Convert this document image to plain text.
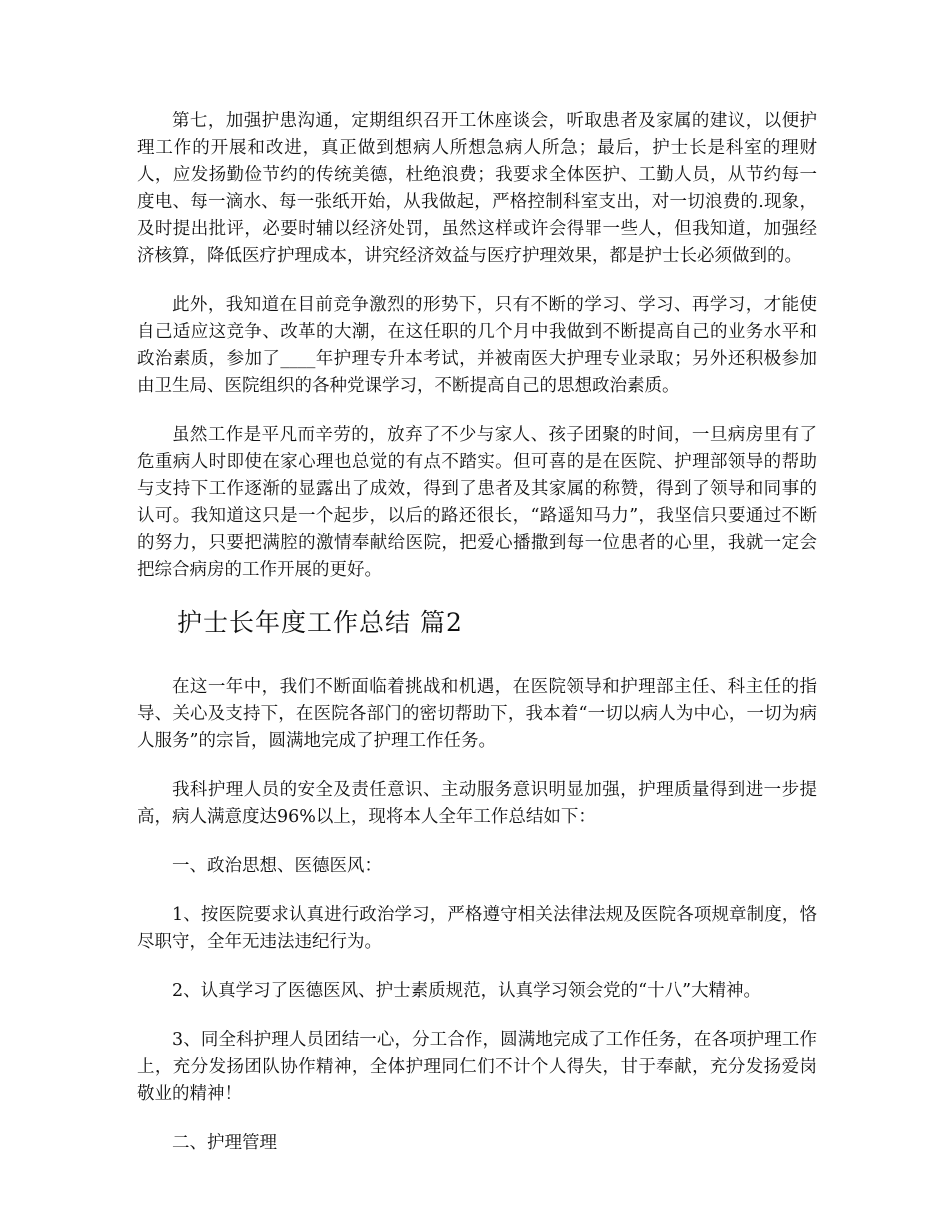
第七，加强护患沟通，定期组织召开工休座谈会，听取患者及家属的建议，以便护理工作的开展和改进，真正做到想病人所想急病人所急；最后，护士长是科室的理财人，应发扬勤俭节约的传统美德，杜绝浪费；我要求全体医护、工勤人员，从节约每一度电、每一滴水、每一张纸开始，从我做起，严格控制科室支出，对一切浪费的.现象，及时提出批评，必要时辅以经济处罚，虽然这样或许会得罪一些人，但我知道，加强经济核算，降低医疗护理成本，讲究经济效益与医疗护理效果，都是护士长必须做到的。

此外，我知道在目前竞争激烈的形势下，只有不断的学习、学习、再学习，才能使自己适应这竞争、改革的大潮，在这任职的几个月中我做到不断提高自己的业务水平和政治素质，参加了____年护理专升本考试，并被南医大护理专业录取；另外还积极参加由卫生局、医院组织的各种党课学习，不断提高自己的思想政治素质。

虽然工作是平凡而辛劳的，放弃了不少与家人、孩子团聚的时间，一旦病房里有了危重病人时即使在家心理也总觉的有点不踏实。但可喜的是在医院、护理部领导的帮助与支持下工作逐渐的显露出了成效，得到了患者及其家属的称赞，得到了领导和同事的认可。我知道这只是一个起步，以后的路还很长，“路遥知马力”，我坚信只要通过不断的努力，只要把满腔的激情奉献给医院，把爱心播撒到每一位患者的心里，我就一定会把综合病房的工作开展的更好。

护士长年度工作总结 篇2

在这一年中，我们不断面临着挑战和机遇，在医院领导和护理部主任、科主任的指导、关心及支持下，在医院各部门的密切帮助下，我本着“一切以病人为中心，一切为病人服务”的宗旨，圆满地完成了护理工作任务。

我科护理人员的安全及责任意识、主动服务意识明显加强，护理质量得到进一步提高，病人满意度达96%以上，现将本人全年工作总结如下：

一、政治思想、医德医风：

1、按医院要求认真进行政治学习，严格遵守相关法律法规及医院各项规章制度，恪尽职守，全年无违法违纪行为。

2、认真学习了医德医风、护士素质规范，认真学习领会党的“十八”大精神。

3、同全科护理人员团结一心，分工合作，圆满地完成了工作任务，在各项护理工作上，充分发扬团队协作精神，全体护理同仁们不计个人得失，甘于奉献，充分发扬爱岗敬业的精神！

二、护理管理
